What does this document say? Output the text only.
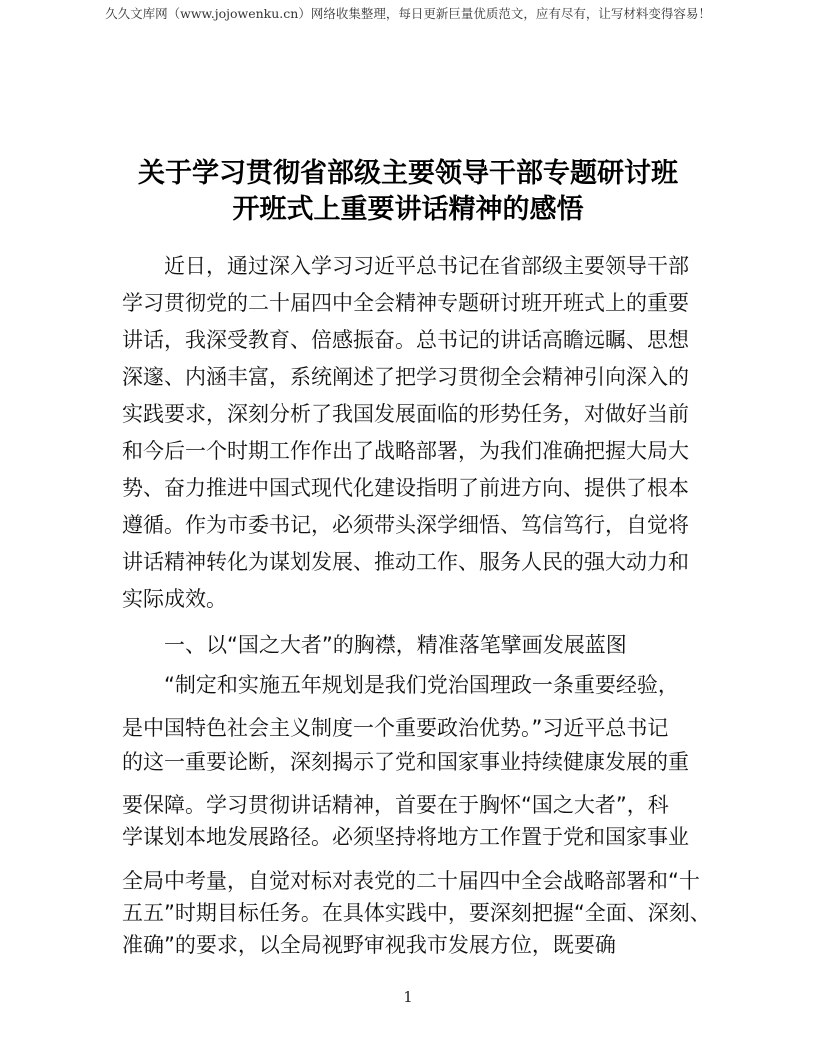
久久文库网（www.jojowenku.cn）网络收集整理，每日更新巨量优质范文，应有尽有，让写材料变得容易！
关于学习贯彻省部级主要领导干部专题研讨班
开班式上重要讲话精神的感悟
近日，通过深入学习习近平总书记在省部级主要领导干部
学习贯彻党的二十届四中全会精神专题研讨班开班式上的重要
讲话，我深受教育、倍感振奋。总书记的讲话高瞻远瞩、思想
深邃、内涵丰富，系统阐述了把学习贯彻全会精神引向深入的
实践要求，深刻分析了我国发展面临的形势任务，对做好当前
和今后一个时期工作作出了战略部署，为我们准确把握大局大
势、奋力推进中国式现代化建设指明了前进方向、提供了根本
遵循。作为市委书记，必须带头深学细悟、笃信笃行，自觉将
讲话精神转化为谋划发展、推动工作、服务人民的强大动力和
实际成效。
一、以“国之大者”的胸襟，精准落笔擘画发展蓝图
“制定和实施五年规划是我们党治国理政一条重要经验，
是中国特色社会主义制度一个重要政治优势。”习近平总书记
的这一重要论断，深刻揭示了党和国家事业持续健康发展的重
要保障。学习贯彻讲话精神，首要在于胸怀“国之大者”，科
学谋划本地发展路径。必须坚持将地方工作置于党和国家事业
全局中考量，自觉对标对表党的二十届四中全会战略部署和“十
五五”时期目标任务。在具体实践中，要深刻把握“全面、深刻、
准确”的要求，以全局视野审视我市发展方位，既要确
1
